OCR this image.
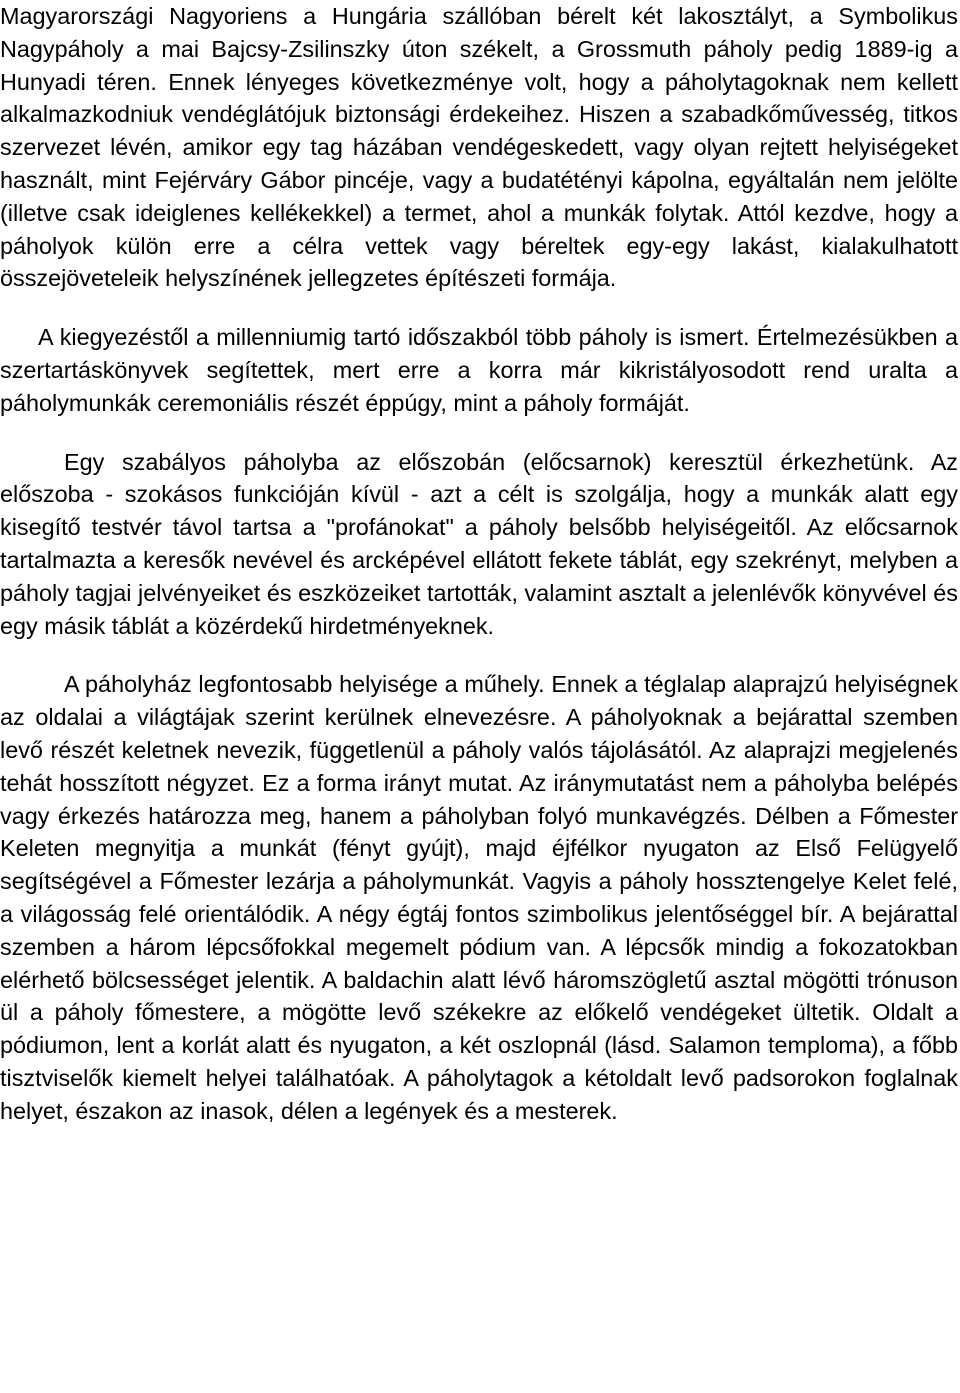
Magyarországi Nagyoriens a Hungária szállóban bérelt két lakosztályt, a Symbolikus Nagypáholy a mai Bajcsy-Zsilinszky úton székelt, a Grossmuth páholy pedig 1889-ig a Hunyadi téren. Ennek lényeges következménye volt, hogy a páholytagoknak nem kellett alkalmazkodniuk vendéglátójuk biztonsági érdekeihez. Hiszen a szabadkőművesség, titkos szervezet lévén, amikor egy tag házában vendégeskedett, vagy olyan rejtett helyiségeket használt, mint Fejérváry Gábor pincéje, vagy a budatétényi kápolna, egyáltalán nem jelölte (illetve csak ideiglenes kellékekkel) a termet, ahol a munkák folytak. Attól kezdve, hogy a páholyok külön erre a célra vettek vagy béreltek egy-egy lakást, kialakulhatott összejöveteleik helyszínének jellegzetes építészeti formája.

A kiegyezéstől a millenniumig tartó időszakból több páholy is ismert. Értelmezésükben a szertartáskönyvek segítettek, mert erre a korra már kikristályosodott rend uralta a páholymunkák ceremoniális részét éppúgy, mint a páholy formáját.

Egy szabályos páholyba az előszobán (előcsarnok) keresztül érkezhetünk. Az előszoba - szokásos funkcióján kívül - azt a célt is szolgálja, hogy a munkák alatt egy kisegítő testvér távol tartsa a "profánokat" a páholy belsőbb helyiségeitől. Az előcsarnok tartalmazta a keresők nevével és arcképével ellátott fekete táblát, egy szekrényt, melyben a páholy tagjai jelvényeiket és eszközeiket tartották, valamint asztalt a jelenlévők könyvével és egy másik táblát a közérdekű hirdetményeknek.

A páholyház legfontosabb helyisége a műhely. Ennek a téglalap alaprajzú helyiségnek az oldalai a világtájak szerint kerülnek elnevezésre. A páholyoknak a bejárattal szemben levő részét keletnek nevezik, függetlenül a páholy valós tájolásától. Az alaprajzi megjelenés tehát hosszított négyzet. Ez a forma irányt mutat. Az iránymutatást nem a páholyba belépés vagy érkezés határozza meg, hanem a páholyban folyó munkavégzés. Délben a Főmester Keleten megnyitja a munkát (fényt gyújt), majd éjfélkor nyugaton az Első Felügyelő segítségével a Főmester lezárja a páholymunkát. Vagyis a páholy hossztengelye Kelet felé, a világosság felé orientálódik. A négy égtáj fontos szimbolikus jelentőséggel bír. A bejárattal szemben a három lépcsőfokkal megemelt pódium van. A lépcsők mindig a fokozatokban elérhető bölcsességet jelentik. A baldachin alatt lévő háromszögletű asztal mögötti trónuson ül a páholy főmestere, a mögötte levő székekre az előkelő vendégeket ültetik. Oldalt a pódiumon, lent a korlát alatt és nyugaton, a két oszlopnál (lásd. Salamon temploma), a főbb tisztviselők kiemelt helyei találhatóak. A páholytagok a kétoldalt levő padsorokon foglalnak helyet, északon az inasok, délen a legények és a mesterek.
